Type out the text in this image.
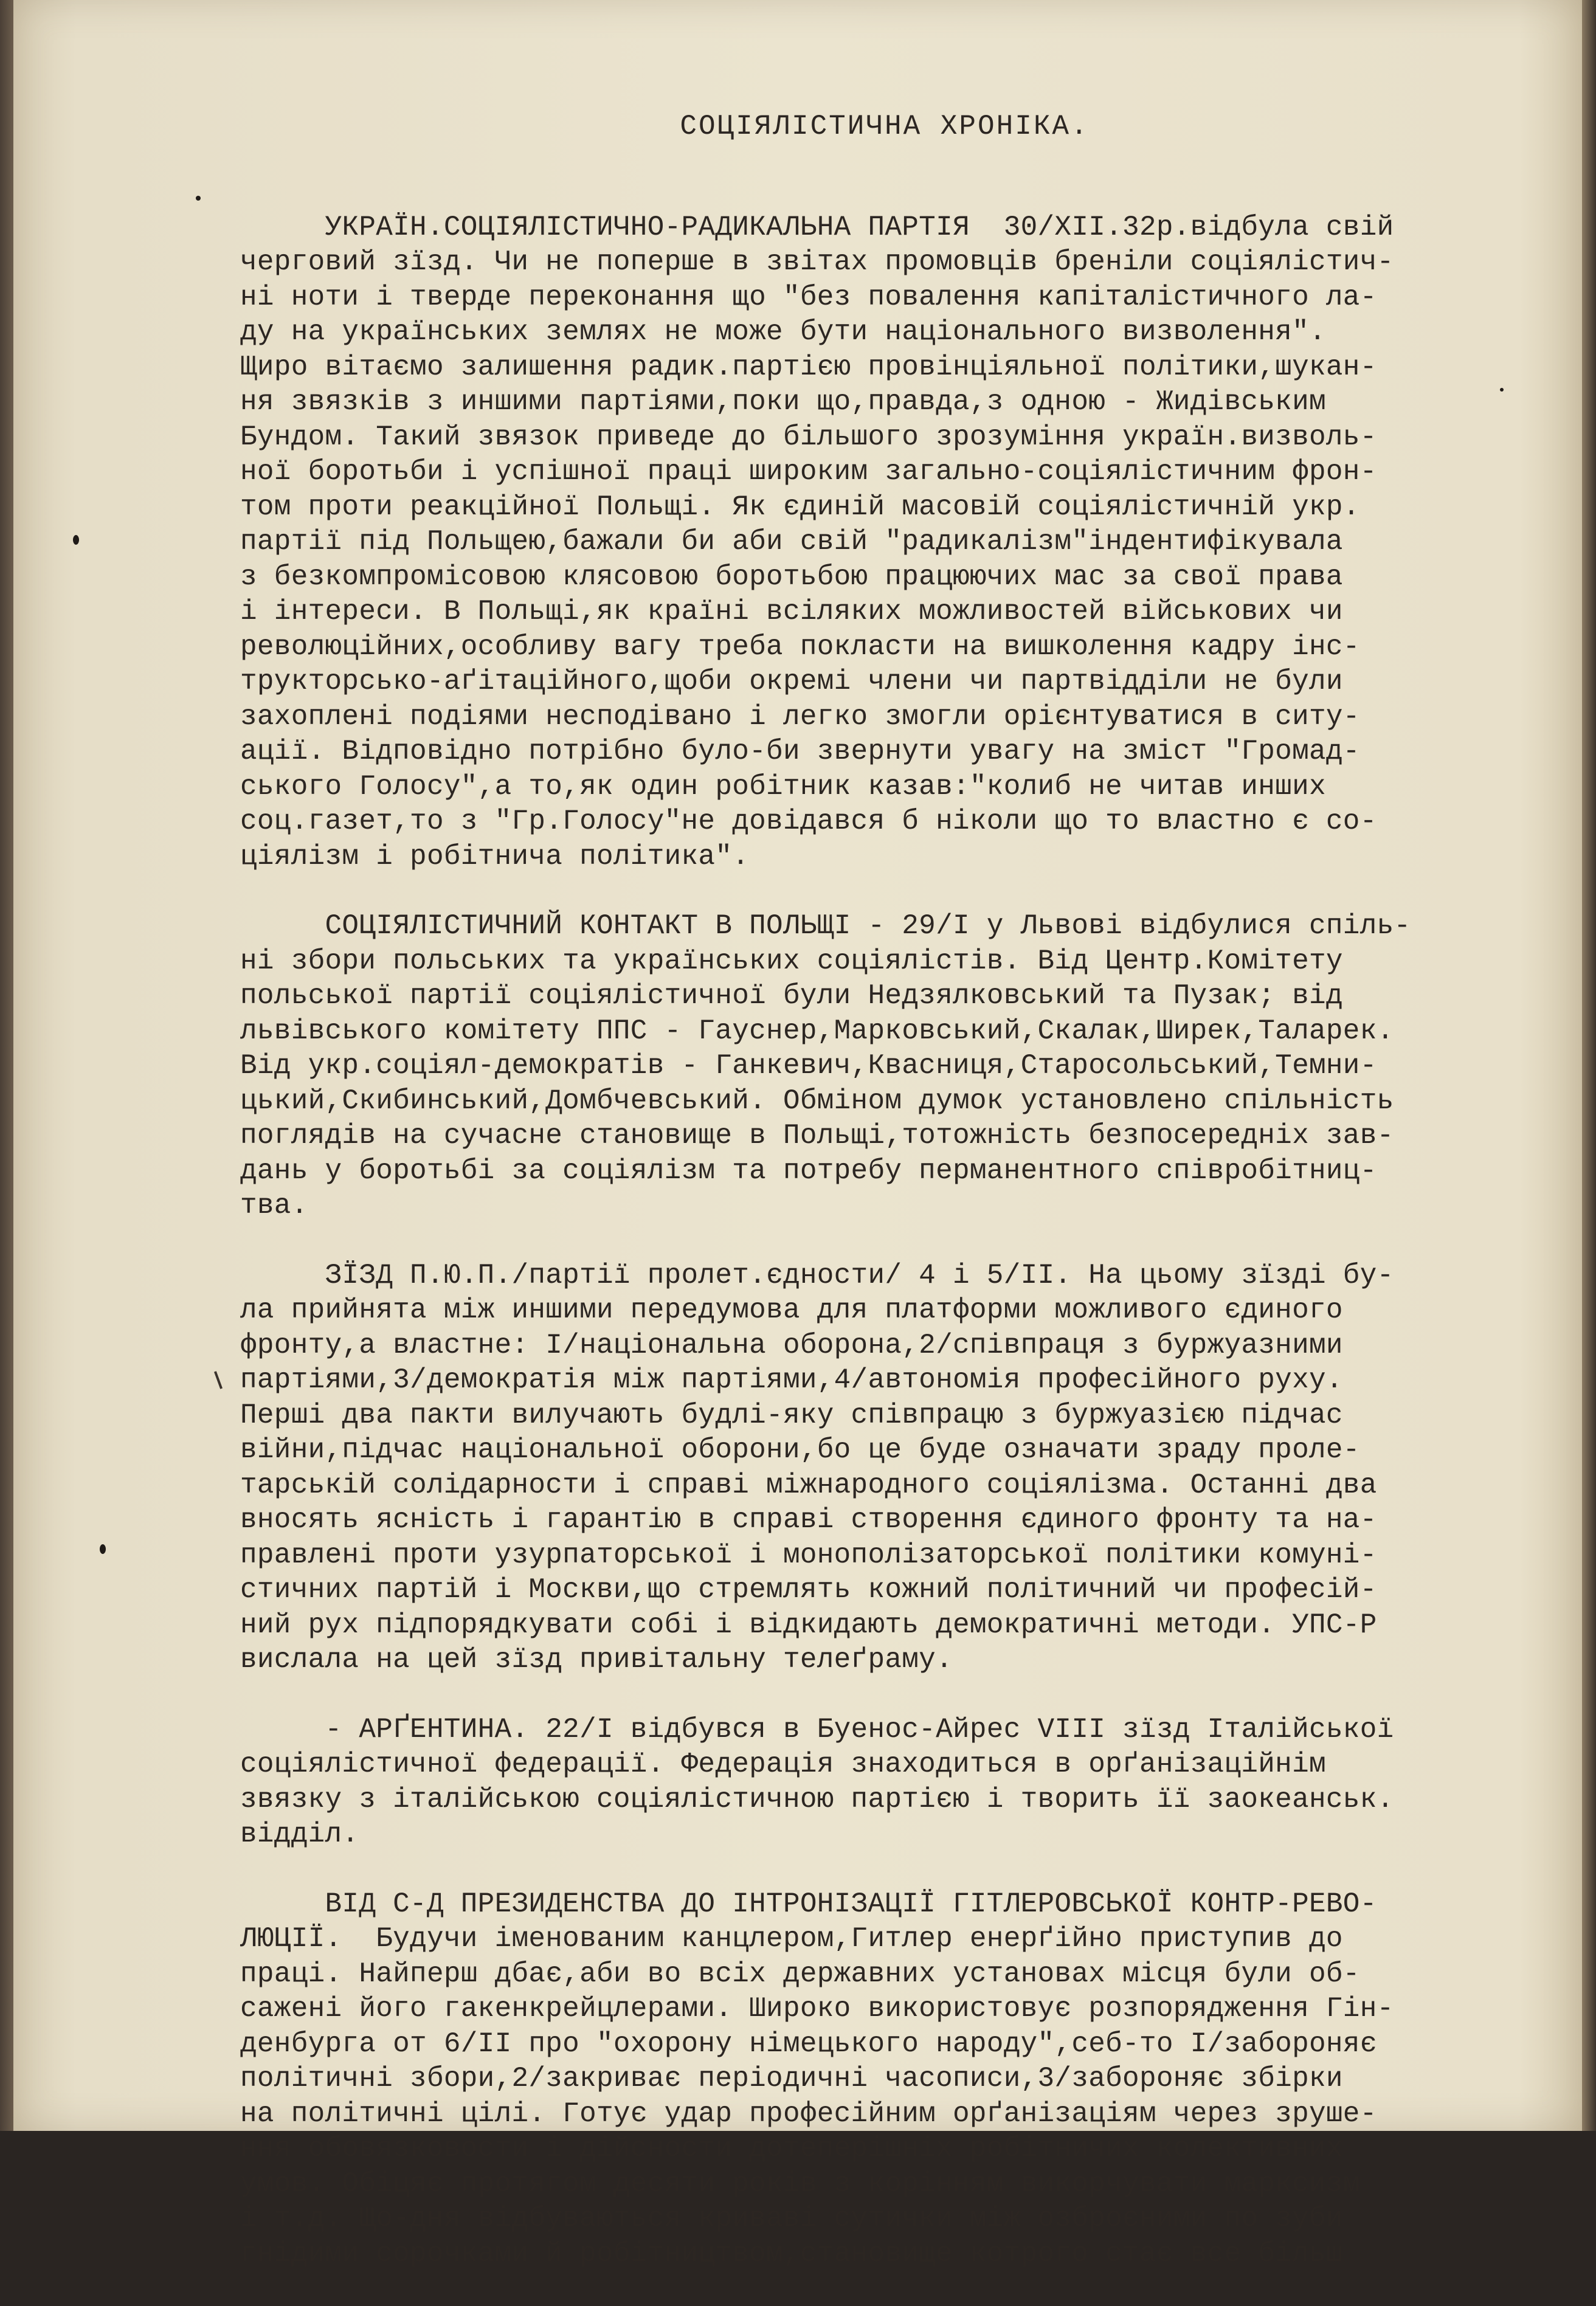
СОЦІЯЛІСТИЧНА ХРОНІКА.
УКРАЇН.СОЦІЯЛІСТИЧНО-РАДИКАЛЬНА ПАРТІЯ  30/XII.32р.відбула свій
черговий зїзд. Чи не поперше в звітах промовців бреніли соціялістич-
ні ноти і тверде переконання що "без повалення капіталістичного ла-
ду на українських землях не може бути національного визволення".
Щиро вітаємо залишення радик.партією провінціяльної політики,шукан-
ня звязків з иншими партіями,поки що,правда,з одною - Жидівським
Бундом. Такий звязок приведе до більшого зрозуміння україн.визволь-
ної боротьби і успішної праці широким загально-соціялістичним фрон-
том проти реакційної Польщі. Як єдиній масовій соціялістичній укр.
партії під Польщею,бажали би аби свій "радикалізм"індентифікувала
з безкомпромісовою клясовою боротьбою працюючих мас за свої права
і інтереси. В Польщі,як країні всіляких можливостей військових чи
революційних,особливу вагу треба покласти на вишколення кадру інс-
трукторсько-аґітаційного,щоби окремі члени чи партвідділи не були
захоплені подіями несподівано і легко змогли орієнтуватися в ситу-
ації. Відповідно потрібно було-би звернути увагу на зміст "Громад-
ського Голосу",а то,як один робітник казав:"колиб не читав инших
соц.газет,то з "Гр.Голосу"не довідався б ніколи що то властно є со-
ціялізм і робітнича політика".
СОЦІЯЛІСТИЧНИЙ КОНТАКТ В ПОЛЬЩІ - 29/І у Львові відбулися спіль-
ні збори польських та українських соціялістів. Від Центр.Комітету
польської партії соціялістичної були Недзялковський та Пузак; від
львівського комітету ППС - Гауснер,Марковський,Скалак,Ширек,Таларек.
Від укр.соціял-демократів - Ганкевич,Квасниця,Старосольський,Темни-
цький,Скибинський,Домбчевський. Обміном думок установлено спільність
поглядів на сучасне становище в Польщі,тотожність безпосередніх зав-
дань у боротьбі за соціялізм та потребу перманентного співробітниц-
тва.
ЗЇЗД П.Ю.П./партії пролет.єдности/ 4 і 5/II. На цьому зїзді бу-
ла прийнята між иншими передумова для платформи можливого єдиного
фронту,а властне: I/національна оборона,2/співпраця з буржуазними
партіями,3/демократія між партіями,4/автономія професійного руху.
Перші два пакти вилучають будлі-яку співпрацю з буржуазією підчас
війни,підчас національної оборони,бо це буде означати зраду проле-
тарській солідарности і справі міжнародного соціялізма. Останні два
вносять ясність і гарантію в справі створення єдиного фронту та на-
правлені проти узурпаторської і монополізаторської політики комуні-
стичних партій і Москви,що стремлять кожний політичний чи професій-
ний рух підпорядкувати собі і відкидають демократичні методи. УПС-Р
вислала на цей зїзд привітальну телеґраму.
- АРҐЕНТИНА. 22/I відбувся в Буенос-Айрес VIII зїзд Італійської
соціялістичної федерації. Федерація знаходиться в орґанізаційнім
звязку з італійською соціялістичною партією і творить її заокеанськ.
відділ.
ВІД С-Д ПРЕЗИДЕНСТВА ДО ІНТРОНІЗАЦІЇ ГІТЛЕРОВСЬКОЇ КОНТР-РЕВО-
ЛЮЦІЇ.  Будучи іменованим канцлером,Гитлер енерґійно приступив до
праці. Найперш дбає,аби во всіх державних установах місця були об-
сажені його гакенкрейцлерами. Широко використовує розпорядження Гін-
денбурга от 6/II про "охорону німецького народу",себ-то I/забороняє
політичні збори,2/закриває періодичні часописи,3/забороняє збірки
на політичні цілі. Готує удар професійним орґанізаціям через зруше-
ння обовязковости і дійсности дотеперішніх робітничих колективних
умов. Обіцяє протягом десяти років з корінням викорчувати марксизм
і т.д. Що-дня відбуваються криваві сутички між озброєними по зуби
гнідими сорочками й робітництвом,становище котрого стає все більш
